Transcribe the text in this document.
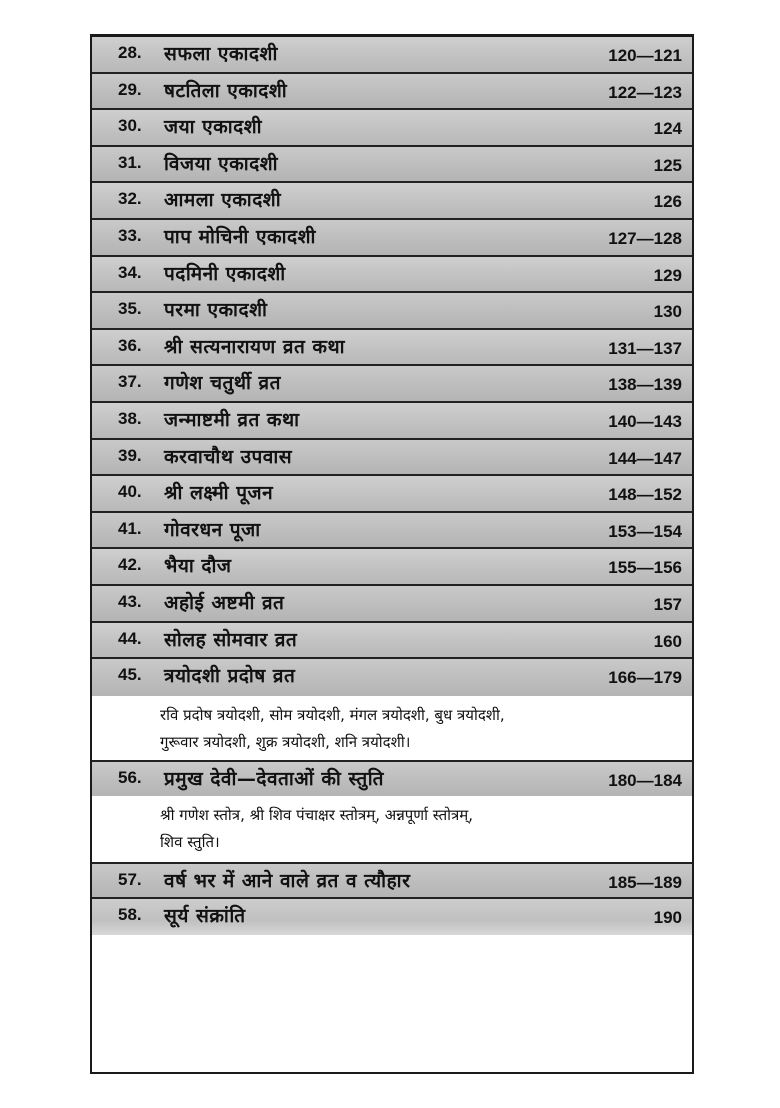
28. सफला एकादशी	120—121
29. षटतिला एकादशी	122—123
30. जया एकादशी	124
31. विजया एकादशी	125
32. आमला एकादशी	126
33. पाप मोचिनी एकादशी	127—128
34. पदमिनी एकादशी	129
35. परमा एकादशी	130
36. श्री सत्यनारायण व्रत कथा	131—137
37. गणेश चतुर्थी व्रत	138—139
38. जन्माष्टमी व्रत कथा	140—143
39. करवाचौथ उपवास	144—147
40. श्री लक्ष्मी पूजन	148—152
41. गोवरधन पूजा	153—154
42. भैया दौज	155—156
43. अहोई अष्टमी व्रत	157
44. सोलह सोमवार व्रत	160
45. त्रयोदशी प्रदोष व्रत	166—179
रवि प्रदोष त्रयोदशी, सोम त्रयोदशी, मंगल त्रयोदशी, बुध त्रयोदशी,
गुरूवार त्रयोदशी, शुक्र त्रयोदशी, शनि त्रयोदशी।
56. प्रमुख देवी—देवताओं की स्तुति	180—184
श्री गणेश स्तोत्र, श्री शिव पंचाक्षर स्तोत्रम्, अन्नपूर्णा स्तोत्रम्,
शिव स्तुति।
57. वर्ष भर में आने वाले व्रत व त्यौहार	185—189
58. सूर्य संक्रांति	190
